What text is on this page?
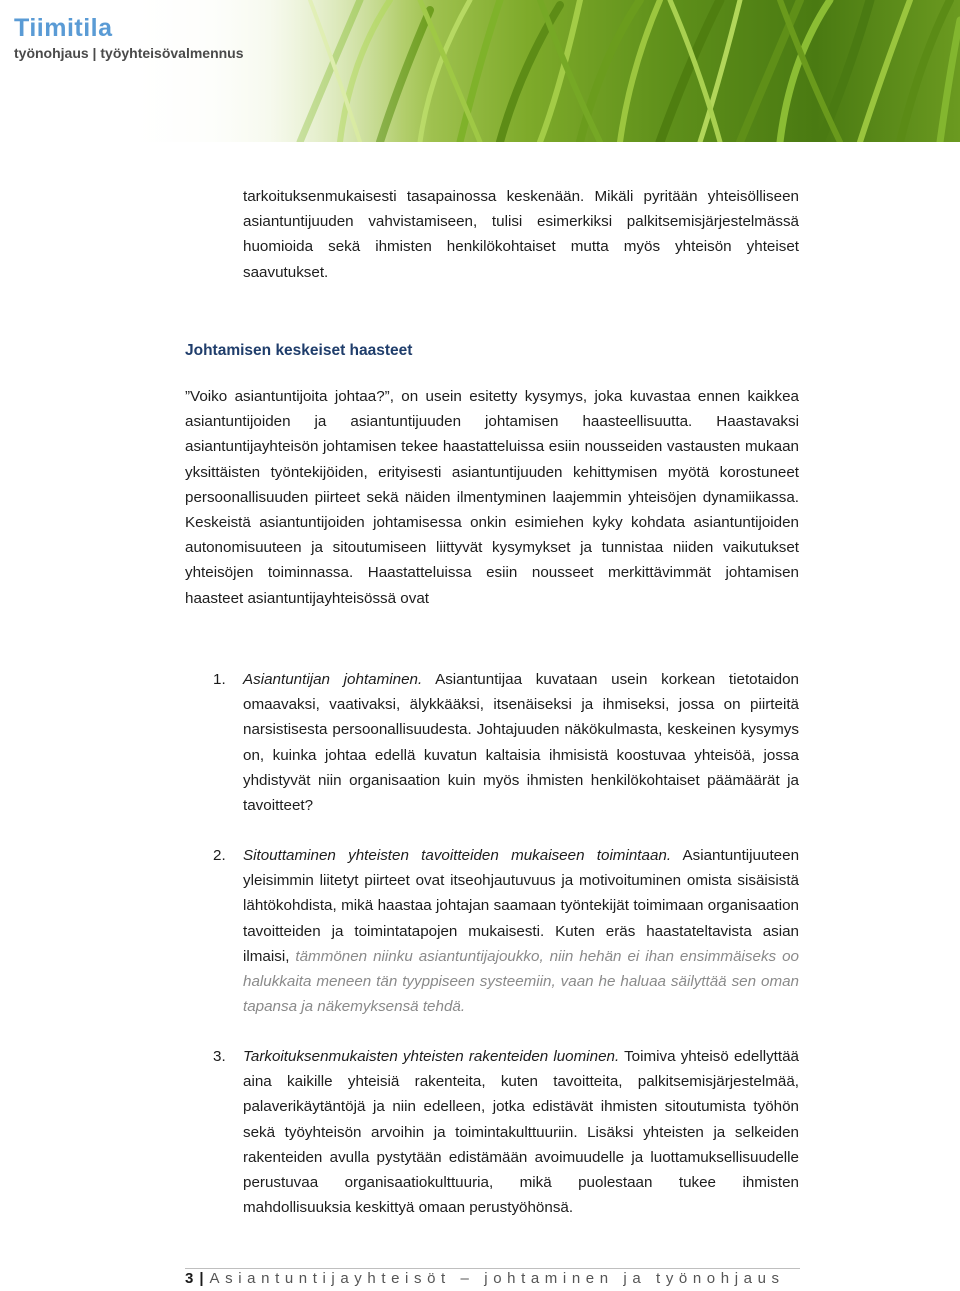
Tiimitila
työnohjaus | työyhteisövalmennus
tarkoituksenmukaisesti tasapainossa keskenään. Mikäli pyritään yhteisölliseen asiantuntijuuden vahvistamiseen, tulisi esimerkiksi palkitsemisjärjestelmässä huomioida sekä ihmisten henkilökohtaiset mutta myös yhteisön yhteiset saavutukset.
Johtamisen keskeiset haasteet
”Voiko asiantuntijoita johtaa?”, on usein esitetty kysymys, joka kuvastaa ennen kaikkea asiantuntijoiden ja asiantuntijuuden johtamisen haasteellisuutta. Haastavaksi asiantuntijayhteisön johtamisen tekee haastatteluissa esiin nousseiden vastausten mukaan yksittäisten työntekijöiden, erityisesti asiantuntijuuden kehittymisen myötä korostuneet persoonallisuuden piirteet sekä näiden ilmentyminen laajemmin yhteisöjen dynamiikassa. Keskeistä asiantuntijoiden johtamisessa onkin esimiehen kyky kohdata asiantuntijoiden autonomisuuteen ja sitoutumiseen liittyvät kysymykset ja tunnistaa niiden vaikutukset yhteisöjen toiminnassa. Haastatteluissa esiin nousseet merkittävimmät johtamisen haasteet asiantuntijayhteisössä ovat
1. Asiantuntijan johtaminen. Asiantuntijaa kuvataan usein korkean tietotaidon omaavaksi, vaativaksi, älykkääksi, itsenäiseksi ja ihmiseksi, jossa on piirteitä narsistisesta persoonallisuudesta. Johtajuuden näkökulmasta, keskeinen kysymys on, kuinka johtaa edellä kuvatun kaltaisia ihmisistä koostuvaa yhteisöä, jossa yhdistyvät niin organisaation kuin myös ihmisten henkilökohtaiset päämäärät ja tavoitteet?
2. Sitouttaminen yhteisten tavoitteiden mukaiseen toimintaan. Asiantuntijuuteen yleisimmin liitetyt piirteet ovat itseohjautuvuus ja motivoituminen omista sisäisistä lähtökohdista, mikä haastaa johtajan saamaan työntekijät toimimaan organisaation tavoitteiden ja toimintatapojen mukaisesti. Kuten eräs haastateltavista asian ilmaisi, tämmönen niinku asiantuntijajoukko, niin hehän ei ihan ensimmäiseks oo halukkaita meneen tän tyyppiseen systeemiin, vaan he haluaa säilyttää sen oman tapansa ja näkemyksensä tehdä.
3. Tarkoituksenmukaisten yhteisten rakenteiden luominen. Toimiva yhteisö edellyttää aina kaikille yhteisiä rakenteita, kuten tavoitteita, palkitsemisjärjestelmää, palaverikäytäntöjä ja niin edelleen, jotka edistävät ihmisten sitoutumista työhön sekä työyhteisön arvoihin ja toimintakulttuuriin. Lisäksi yhteisten ja selkeiden rakenteiden avulla pystytään edistämään avoimuudelle ja luottamuksellisuudelle perustuvaa organisaatiokulttuuria, mikä puolestaan tukee ihmisten mahdollisuuksia keskittyä omaan perustyöhönsä.
3 | Asiantuntijayhteisöt – johtaminen ja työnohjaus
